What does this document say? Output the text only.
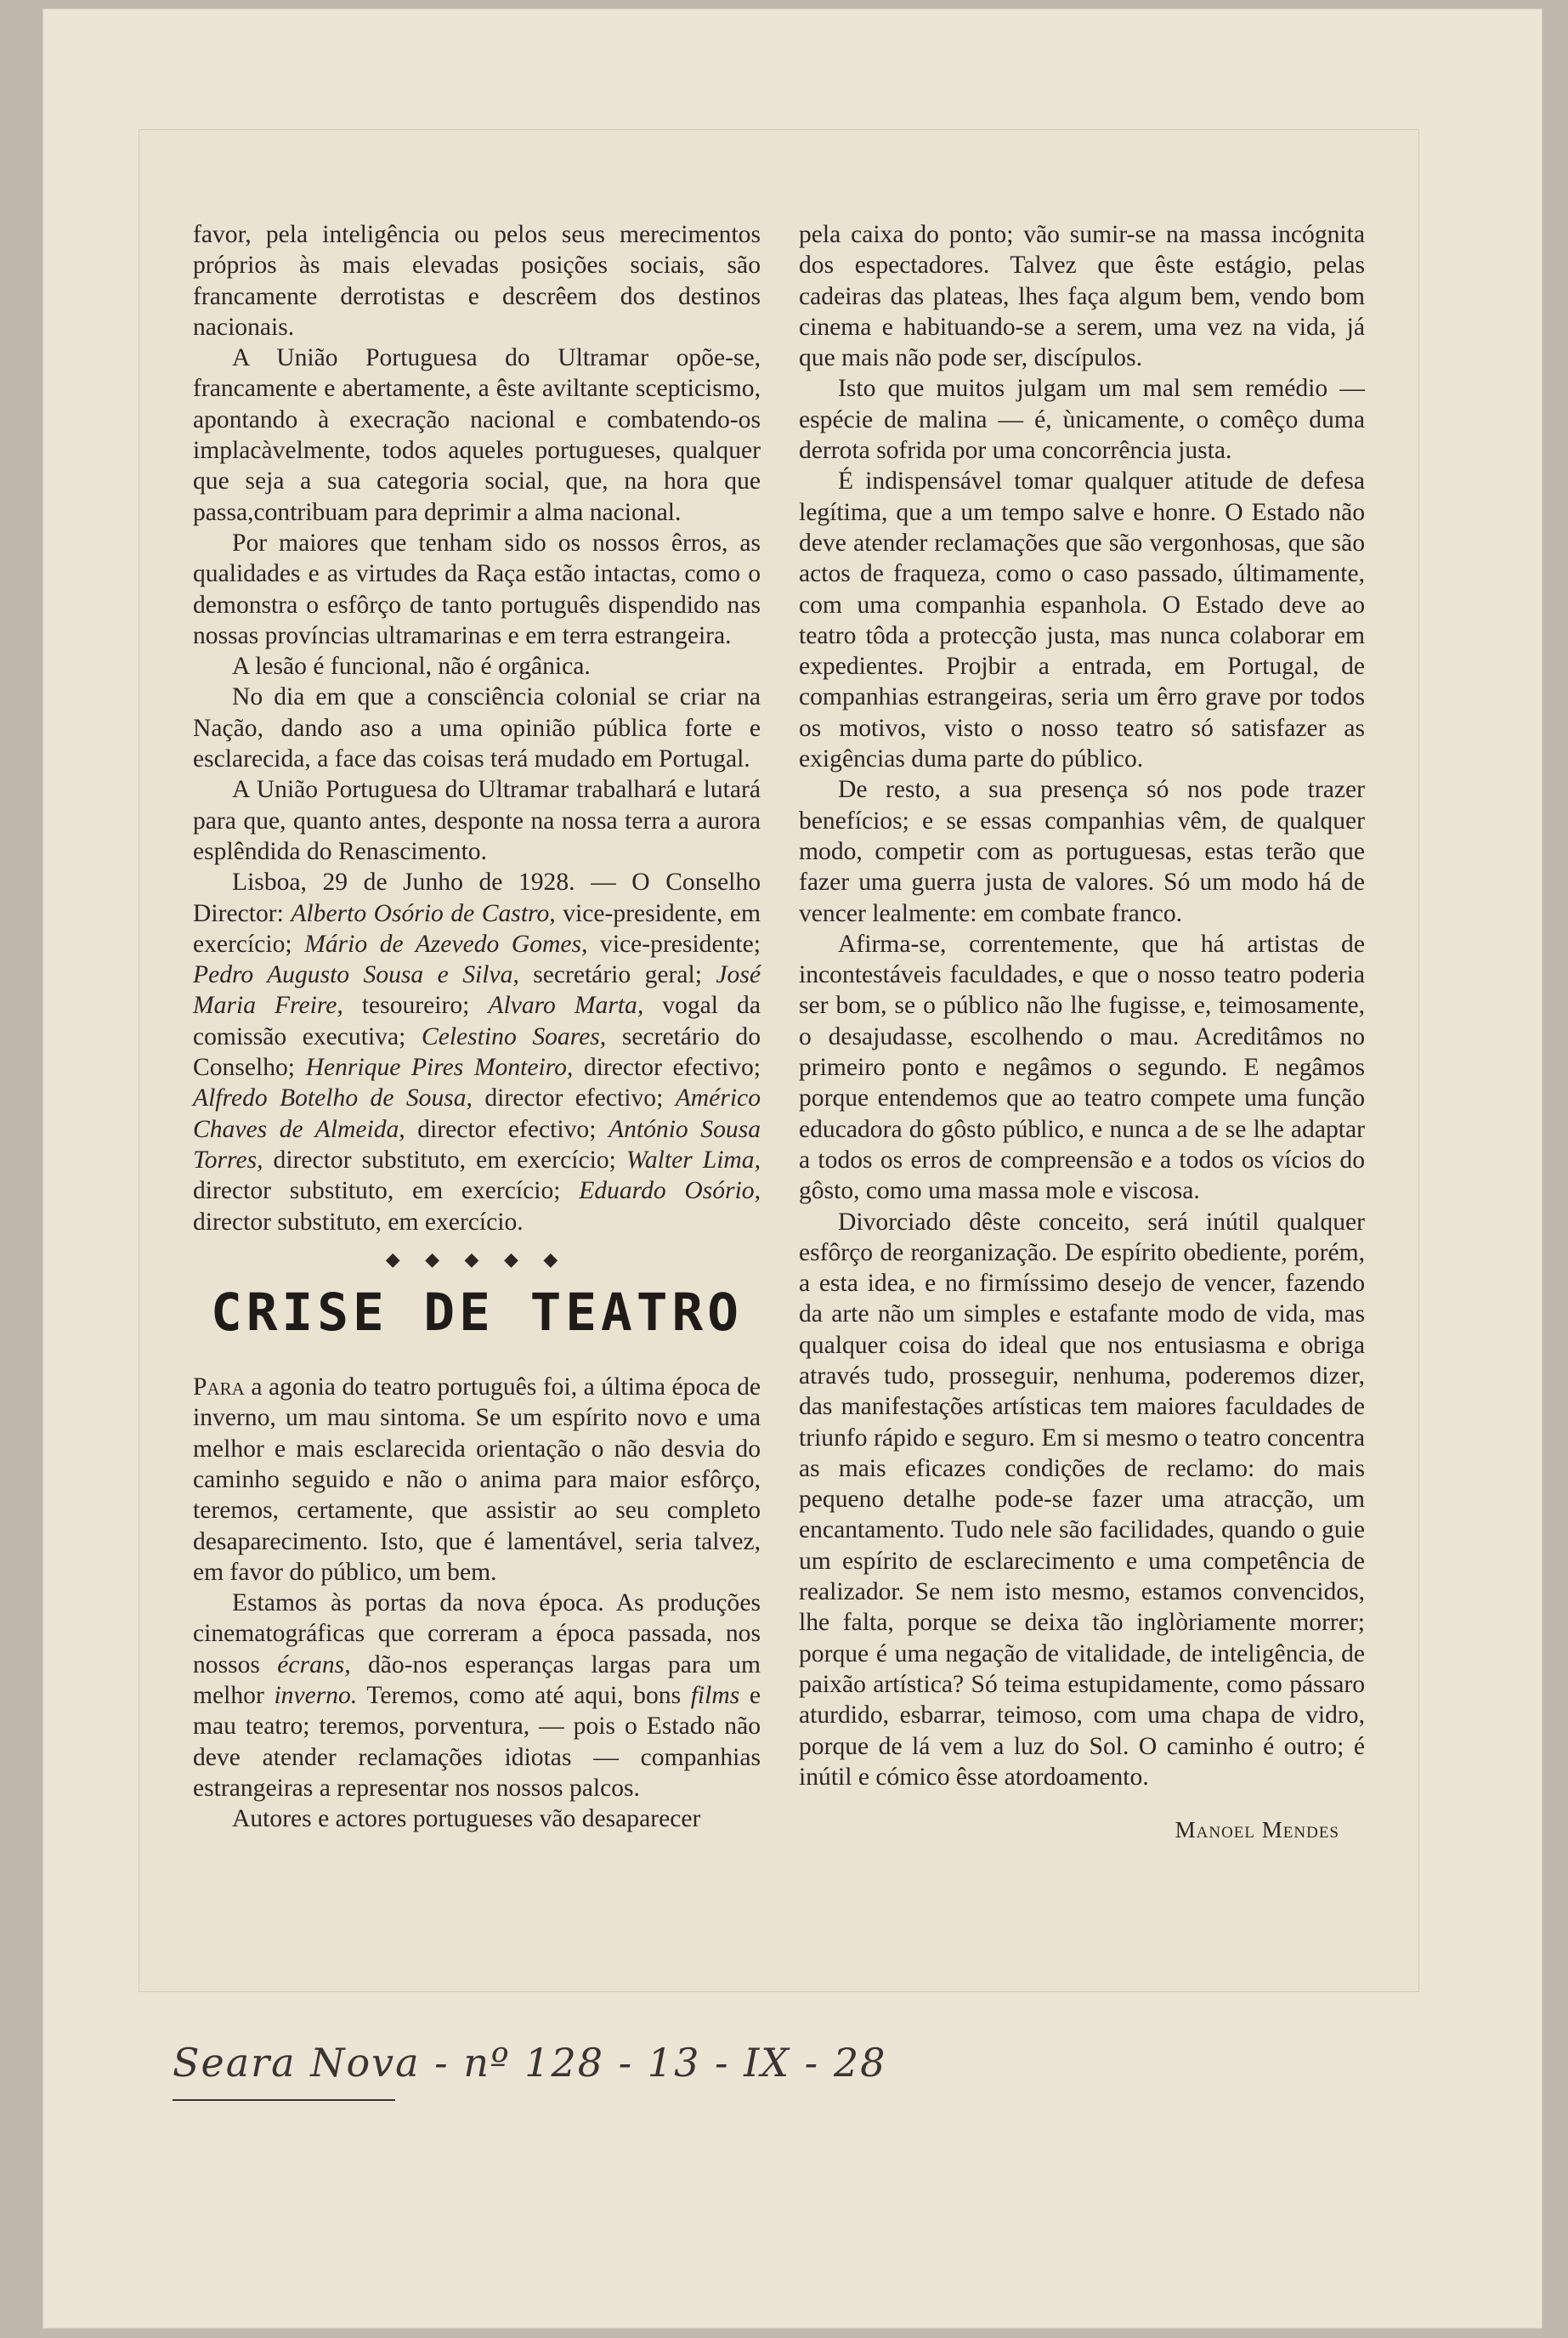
favor, pela inteligência ou pelos seus merecimentos próprios às mais elevadas posições sociais, são francamente derrotistas e descrêem dos destinos nacionais.

A União Portuguesa do Ultramar opõe-se, francamente e abertamente, a êste aviltante scepticismo, apontando à execração nacional e combatendo-os implacàvelmente, todos aqueles portugueses, qualquer que seja a sua categoria social, que, na hora que passa,contribuam para deprimir a alma nacional.

Por maiores que tenham sido os nossos êrros, as qualidades e as virtudes da Raça estão intactas, como o demonstra o esfôrço de tanto português dispendido nas nossas províncias ultramarinas e em terra estrangeira.

A lesão é funcional, não é orgânica.

No dia em que a consciência colonial se criar na Nação, dando aso a uma opinião pública forte e esclarecida, a face das coisas terá mudado em Portugal.

A União Portuguesa do Ultramar trabalhará e lutará para que, quanto antes, desponte na nossa terra a aurora esplêndida do Renascimento.

Lisboa, 29 de Junho de 1928. — O Conselho Director: Alberto Osório de Castro, vice-presidente, em exercício; Mário de Azevedo Gomes, vice-presidente; Pedro Augusto Sousa e Silva, secretário geral; José Maria Freire, tesoureiro; Alvaro Marta, vogal da comissão executiva; Celestino Soares, secretário do Conselho; Henrique Pires Monteiro, director efectivo; Alfredo Botelho de Sousa, director efectivo; Américo Chaves de Almeida, director efectivo; António Sousa Torres, director substituto, em exercício; Walter Lima, director substituto, em exercício; Eduardo Osório, director substituto, em exercício.

◆ ◆ ◆ ◆ ◆
CRISE DE TEATRO

Para a agonia do teatro português foi, a última época de inverno, um mau sintoma. Se um espírito novo e uma melhor e mais esclarecida orientação o não desvia do caminho seguido e não o anima para maior esfôrço, teremos, certamente, que assistir ao seu completo desaparecimento. Isto, que é lamentável, seria talvez, em favor do público, um bem.

Estamos às portas da nova época. As produções cinematográficas que correram a época passada, nos nossos écrans, dão-nos esperanças largas para um melhor inverno. Teremos, como até aqui, bons films e mau teatro; teremos, porventura, — pois o Estado não deve atender reclamações idiotas — companhias estrangeiras a representar nos nossos palcos.

Autores e actores portugueses vão desaparecer

pela caixa do ponto; vão sumir-se na massa incógnita dos espectadores. Talvez que êste estágio, pelas cadeiras das plateas, lhes faça algum bem, vendo bom cinema e habituando-se a serem, uma vez na vida, já que mais não pode ser, discípulos.

Isto que muitos julgam um mal sem remédio — espécie de malina — é, ùnicamente, o comêço duma derrota sofrida por uma concorrência justa.

É indispensável tomar qualquer atitude de defesa legítima, que a um tempo salve e honre. O Estado não deve atender reclamações que são vergonhosas, que são actos de fraqueza, como o caso passado, últimamente, com uma companhia espanhola. O Estado deve ao teatro tôda a protecção justa, mas nunca colaborar em expedientes. Projbir a entrada, em Portugal, de companhias estrangeiras, seria um êrro grave por todos os motivos, visto o nosso teatro só satisfazer as exigências duma parte do público.

De resto, a sua presença só nos pode trazer benefícios; e se essas companhias vêm, de qualquer modo, competir com as portuguesas, estas terão que fazer uma guerra justa de valores. Só um modo há de vencer lealmente: em combate franco.

Afirma-se, correntemente, que há artistas de incontestáveis faculdades, e que o nosso teatro poderia ser bom, se o público não lhe fugisse, e, teimosamente, o desajudasse, escolhendo o mau. Acreditâmos no primeiro ponto e negâmos o segundo. E negâmos porque entendemos que ao teatro compete uma função educadora do gôsto público, e nunca a de se lhe adaptar a todos os erros de compreensão e a todos os vícios do gôsto, como uma massa mole e viscosa.

Divorciado dêste conceito, será inútil qualquer esfôrço de reorganização. De espírito obediente, porém, a esta idea, e no firmíssimo desejo de vencer, fazendo da arte não um simples e estafante modo de vida, mas qualquer coisa do ideal que nos entusiasma e obriga através tudo, prosseguir, nenhuma, poderemos dizer, das manifestações artísticas tem maiores faculdades de triunfo rápido e seguro. Em si mesmo o teatro concentra as mais eficazes condições de reclamo: do mais pequeno detalhe pode-se fazer uma atracção, um encantamento. Tudo nele são facilidades, quando o guie um espírito de esclarecimento e uma competência de realizador. Se nem isto mesmo, estamos convencidos, lhe falta, porque se deixa tão inglòriamente morrer; porque é uma negação de vitalidade, de inteligência, de paixão artística? Só teima estupidamente, como pássaro aturdido, esbarrar, teimoso, com uma chapa de vidro, porque de lá vem a luz do Sol. O caminho é outro; é inútil e cómico êsse atordoamento.

Manoel Mendes
Seara Nova - nº 128 - 13 - IX - 28
